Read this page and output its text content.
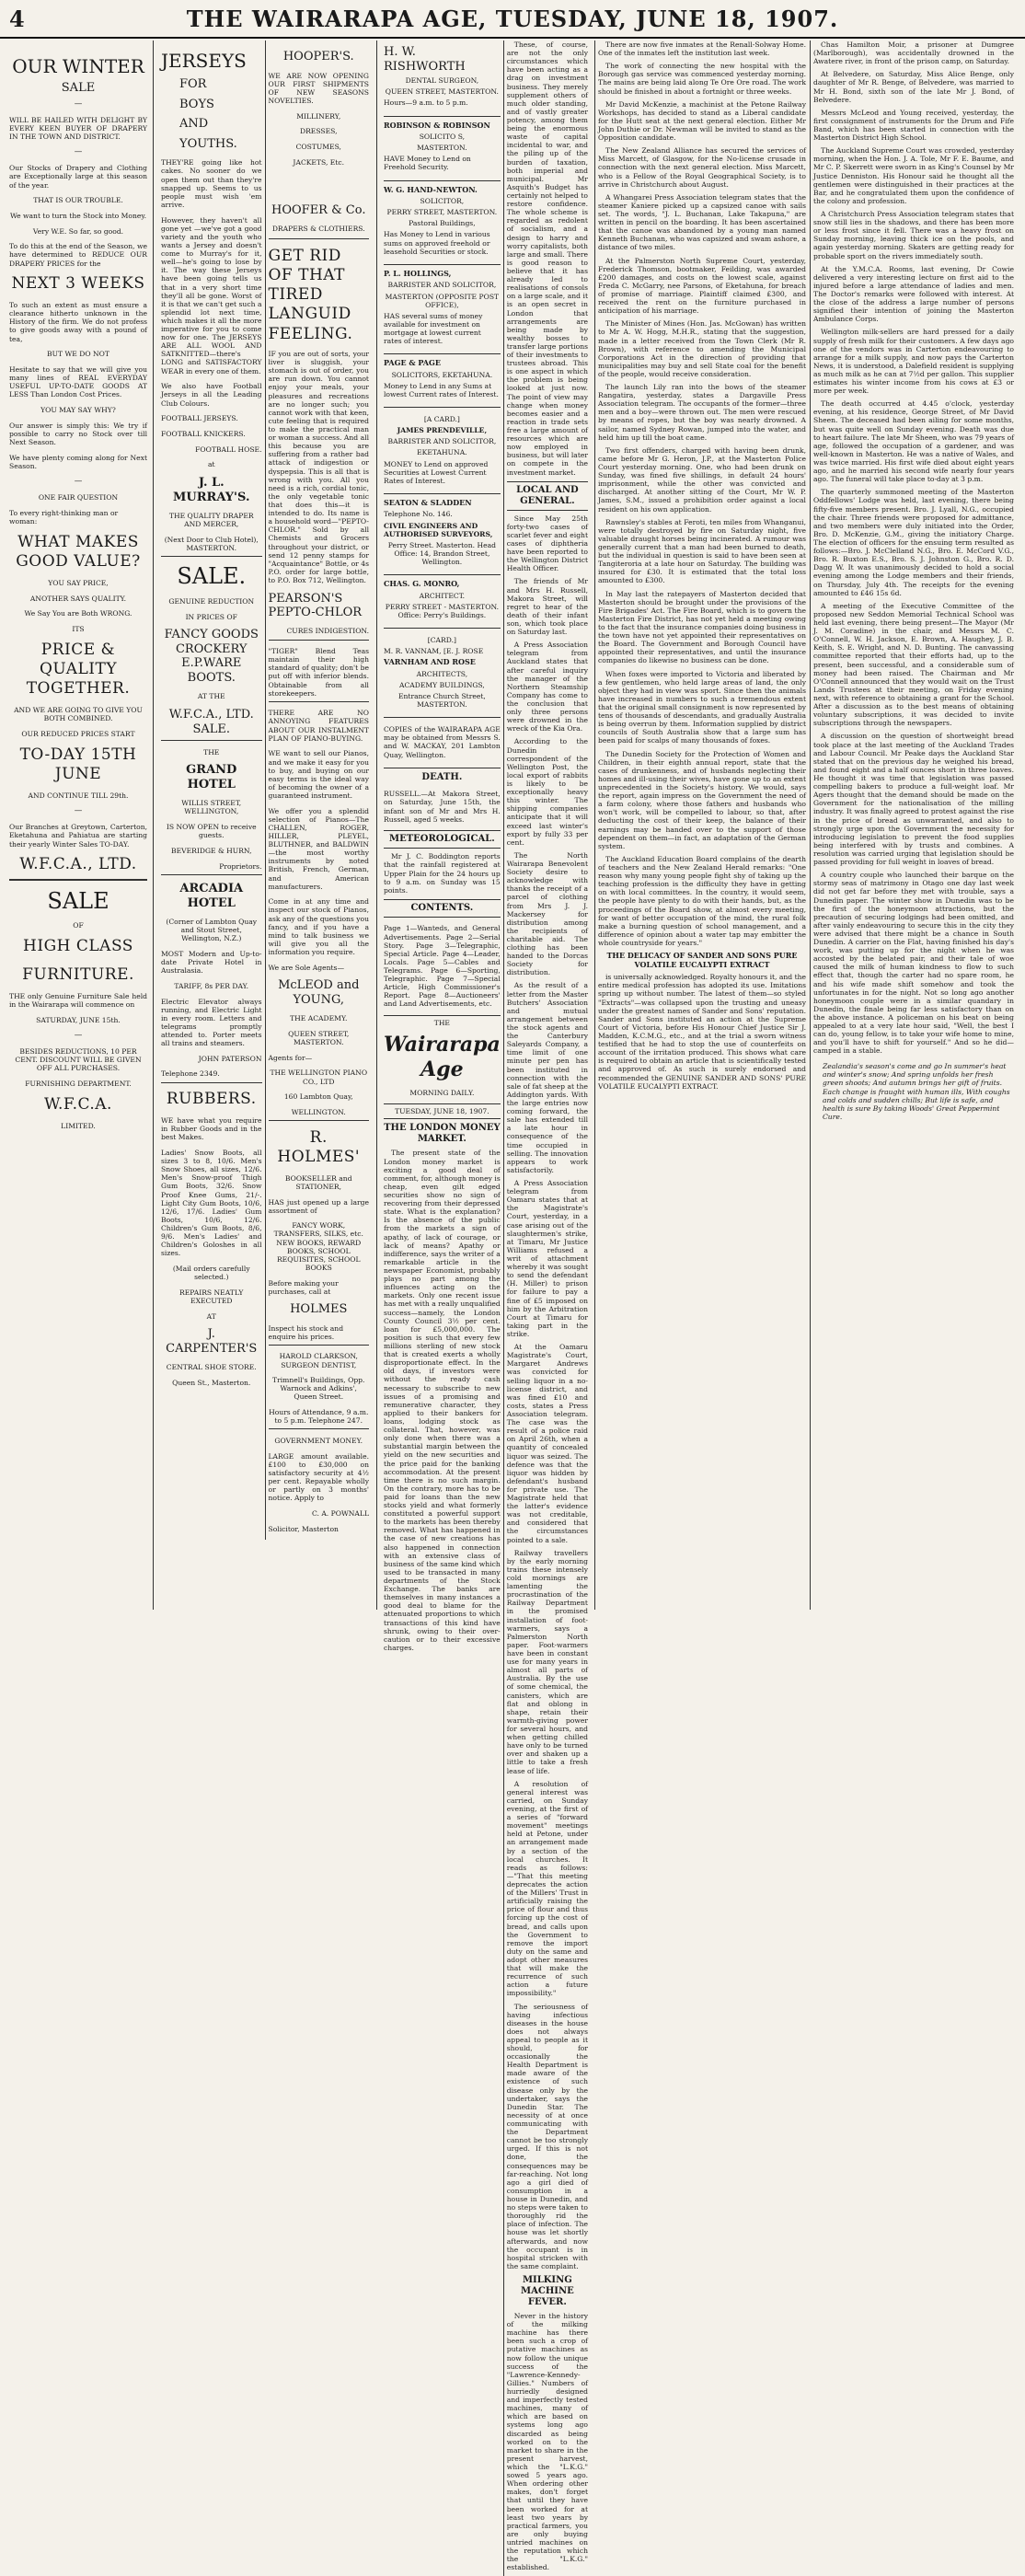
4	THE WAIRARAPA AGE, TUESDAY, JUNE 18, 1907.
OUR WINTER
SALE
—

WILL BE HAILED WITH DELIGHT BY EVERY KEEN BUYER OF DRAPERY IN THE TOWN AND DISTRICT.

—

Our Stocks of Drapery and Clothing are Exceptionally large at this season of the year.

THAT IS OUR TROUBLE.

We want to turn the Stock into Money.

Very W.E. So far, so good.

To do this at the end of the Season, we have determined to REDUCE OUR DRAPERY PRICES for the

NEXT 3 WEEKS

To such an extent as must ensure a clearance hitherto unknown in the History of the firm. We do not profess to give goods away with a pound of tea,

BUT WE DO NOT

Hesitate to say that we will give you many lines of REAL EVERYDAY USEFUL UP-TO-DATE GOODS AT LESS Than London Cost Prices.

YOU MAY SAY WHY?

Our answer is simply this: We try if possible to carry no Stock over till Next Season.

We have plenty coming along for Next Season.

—

ONE FAIR QUESTION

To every right-thinking man or woman:

WHAT MAKES GOOD VALUE?

YOU SAY PRICE,

ANOTHER SAYS QUALITY.

We Say You are Both WRONG.

ITS

PRICE & QUALITY TOGETHER.

AND WE ARE GOING TO GIVE YOU BOTH COMBINED.

OUR REDUCED PRICES START

TO-DAY 15TH JUNE

AND CONTINUE TILL 29th.

—

Our Branches at Greytown, Carterton, Eketahuna and Pahiatua are starting their yearly Winter Sales TO-DAY.

W.F.C.A., LTD.
SALE

OF

HIGH CLASS
FURNITURE.

THE only Genuine Furniture Sale held in the Wairarapa will commence on

SATURDAY, JUNE 15th.

—

BESIDES REDUCTIONS, 10 PER CENT. DISCOUNT WILL BE GIVEN OFF ALL PURCHASES.

FURNISHING DEPARTMENT.

W.F.C.A.

LIMITED.

JERSEYS
FOR
BOYS
AND
YOUTHS.

THEY'RE going like hot cakes. No sooner do we open them out than they're snapped up. Seems to us people must wish 'em arrive.

However, they haven't all gone yet —we've got a good variety and the youth who wants a Jersey and doesn't come to Murray's for it, well—he's going to lose by it. The way these Jerseys have been going tells us that in a very short time they'll all be gone. Worst of it is that we can't get such a splendid lot next time, which makes it all the more imperative for you to come now for one. The JERSEYS ARE ALL WOOL AND SATKNITTED—there's LONG and SATISFACTORY WEAR in every one of them.

We also have Football Jerseys in all the Leading Club Colours.

FOOTBALL JERSEYS.

FOOTBALL KNICKERS.

FOOTBALL HOSE.

at

J. L. MURRAY'S.

THE QUALITY DRAPER AND MERCER,

(Next Door to Club Hotel), MASTERTON.

SALE.

GENUINE REDUCTION

IN PRICES OF

FANCY GOODS
CROCKERY
E.P.WARE
BOOTS.

AT THE

W.F.C.A., LTD.
SALE.

THE

GRAND HOTEL

WILLIS STREET, WELLINGTON,

IS NOW OPEN to receive guests.

BEVERIDGE & HURN,

Proprietors.

ARCADIA HOTEL

(Corner of Lambton Quay and Stout Street, Wellington, N.Z.)

MOST Modern and Up-to-date Private Hotel in Australasia.

TARIFF, 8s PER DAY.

Electric Elevator always running, and Electric Light in every room. Letters and telegrams promptly attended to. Porter meets all trains and steamers.

JOHN PATERSON

Telephone 2349.

RUBBERS.

WE have what you require in Rubber Goods and in the best Makes.

Ladies' Snow Boots, all sizes 3 to 8, 10/6. Men's Snow Shoes, all sizes, 12/6. Men's Snow-proof Thigh Gum Boots, 32/6. Snow Proof Knee Gums, 21/-. Light City Gum Boots, 10/6, 12/6, 17/6. Ladies' Gum Boots, 10/6, 12/6. Children's Gum Boots, 8/6, 9/6. Men's Ladies' and Children's Goloshes in all sizes.

(Mail orders carefully selected.)

REPAIRS NEATLY EXECUTED

AT

J. CARPENTER'S

CENTRAL SHOE STORE.

Queen St., Masterton.

HOOPER'S.

WE ARE NOW OPENING OUR FIRST SHIPMENTS OF NEW SEASONS NOVELTIES.

MILLINERY,

DRESSES,

COSTUMES,

JACKETS, Etc.

HOOFER & Co.

DRAPERS & CLOTHIERS.

GET RID OF THAT TIRED LANGUID FEELING.

IF you are out of sorts, your liver is sluggish, your stomach is out of order, you are run down. You cannot enjoy your meals, your pleasures and recreations are no longer such; you cannot work with that keen, cute feeling that is required to make the practical man or woman a success. And all this because you are suffering from a rather bad attack of indigestion or dyspepsia. This is all that is wrong with you. All you need is a rich, cordial tonic, the only vegetable tonic that does this—it is intended to do. Its name is a household word—"PEPTO-CHLOR." Sold by all Chemists and Grocers throughout your district, or send 12 penny stamps for "Acquaintance" Bottle, or 4s P.O. order for large bottle, to P.O. Box 712, Wellington.

PEARSON'S
PEPTO-CHLOR

CURES INDIGESTION.

"TIGER" Blend Teas maintain their high standard of quality; don't be put off with inferior blends. Obtainable from all storekeepers.

THERE ARE NO ANNOYING FEATURES ABOUT OUR INSTALMENT PLAN OF PIANO-BUYING.

WE want to sell our Pianos, and we make it easy for you to buy, and buying on our easy terms is the ideal way of becoming the owner of a guaranteed instrument.

We offer you a splendid selection of Pianos—The CHALLEN, ROGER, HILLER, PLEYEL, BLUTHNER, and BALDWIN—the most worthy instruments by noted British, French, German, and American manufacturers.

Come in at any time and inspect our stock of Pianos, ask any of the questions you fancy, and if you have a mind to talk business we will give you all the information you require.

We are Sole Agents—

McLEOD and YOUNG,

THE ACADEMY.

QUEEN STREET, MASTERTON.

Agents for—

THE WELLINGTON PIANO CO., LTD

160 Lambton Quay,

WELLINGTON.

R. HOLMES'

BOOKSELLER and STATIONER,

HAS just opened up a large assortment of

FANCY WORK, TRANSFERS, SILKS, etc. NEW BOOKS, REWARD BOOKS, SCHOOL REQUISITES, SCHOOL BOOKS

Before making your purchases, call at

HOLMES

Inspect his stock and enquire his prices.

HAROLD CLARKSON, SURGEON DENTIST,

Trimnell's Buildings, Opp. Warnock and Adkins', Queen Street.

Hours of Attendance, 9 a.m. to 5 p.m. Telephone 247.

GOVERNMENT MONEY.

LARGE amount available. £100 to £30,000 on satisfactory security at 4½ per cent. Repayable wholly or partly on 3 months' notice. Apply to

C. A. POWNALL

Solicitor, Masterton

H. W. RISHWORTH

DENTAL SURGEON,

QUEEN STREET, MASTERTON.

Hours—9 a.m. to 5 p.m.

ROBINSON & ROBINSON

SOLICITO S,

MASTERTON.

HAVE Money to Lend on Freehold Security.

W. G. HAND-NEWTON.

SOLICITOR,

PERRY STREET, MASTERTON.

Pastoral Buildings,

Has Money to Lend in various sums on approved freehold or leasehold Securities or stock.

P. L. HOLLINGS,

BARRISTER AND SOLICITOR,

MASTERTON (OPPOSITE POST OFFICE),

HAS several sums of money available for investment on mortgage at lowest current rates of interest.

PAGE & PAGE

SOLICITORS, EKETAHUNA.

Money to Lend in any Sums at lowest Current rates of Interest.

[A CARD.]

JAMES PRENDEVILLE,

BARRISTER AND SOLICITOR,

EKETAHUNA.

MONEY to Lend on approved Securities at Lowest Current Rates of Interest.

SEATON & SLADDEN

Telephone No. 146.

CIVIL ENGINEERS AND AUTHORISED SURVEYORS,

Perry Street. Masterton. Head Office: 14, Brandon Street, Wellington.

CHAS. G. MONRO,

ARCHITECT.

PERRY STREET - MASTERTON. Office: Perry's Buildings.

[CARD.]

M. R. VANNAM, [E. J. ROSE

VARNHAM AND ROSE

ARCHITECTS,

ACADEMY BUILDINGS,

Entrance Church Street, MASTERTON.

COPIES of the WAIRARAPA AGE may be obtained from Messrs S. and W. MACKAY, 201 Lambton Quay, Wellington.

DEATH.

RUSSELL.—At Makora Street, on Saturday, June 15th, the infant son of Mr and Mrs H. Russell, aged 5 weeks.

METEOROLOGICAL.

Mr J. C. Boddington reports that the rainfall registered at Upper Plain for the 24 hours up to 9 a.m. on Sunday was 15 points.

CONTENTS.

Page 1—Wanteds, and General Advertisements. Page 2—Serial Story. Page 3—Telegraphic, Special Article. Page 4—Leader, Locals. Page 5—Cables and Telegrams. Page 6—Sporting, Telegraphic. Page 7—Special Article, High Commissioner's Report. Page 8—Auctioneers' and Land Advertisements, etc.

THE
Wairarapa Age

MORNING DAILY.

TUESDAY, JUNE 18, 1907.

THE LONDON MONEY MARKET.

The present state of the London money market is exciting a good deal of comment, for, although money is cheap, even gilt edged securities show no sign of recovering from their depressed state. What is the explanation? Is the absence of the public from the markets a sign of apathy, of lack of courage, or lack of means? Apathy or indifference, says the writer of a remarkable article in the newspaper Economist, probably plays no part among the influences acting on the markets. Only one recent issue has met with a really unqualified success—namely, the London County Council 3½ per cent. loan for £5,000,000. The position is such that every few millions sterling of new stock that is created exerts a wholly disproportionate effect. In the old days, if investors were without the ready cash necessary to subscribe to new issues of a promising and remunerative character, they applied to their bankers for loans, lodging stock as collateral. That, however, was only done when there was a substantial margin between the yield on the new securities and the price paid for the banking accommodation. At the present time there is no such margin. On the contrary, more has to be paid for loans than the new stocks yield and what formerly constituted a powerful support to the markets has been thereby removed. What has happened in the case of new creations has also happened in connection with an extensive class of business of the same kind which used to be transacted in many departments of the Stock Exchange. The banks are themselves in many instances a good deal to blame for the attenuated proportions to which transactions of this kind have shrunk, owing to their over-caution or to their excessive charges.

These, of course, are not the only circumstances which have been acting as a drag on investment business. They merely supplement others of much older standing, and of vastly greater potency, among them being the enormous waste of capital incidental to war, and the piling up of the burden of taxation, both imperial and municipal. Mr Asquith's Budget has certainly not helped to restore confidence. The whole scheme is regarded as redolent of socialism, and a design to harry and worry capitalists, both large and small. There is good reason to believe that it has already led to realisations of consols on a large scale, and it is an open secret in London that arrangements are being made by wealthy bosses to transfer large portions of their investments to trustees abroad. This is one aspect in which the problem is being looked at just now. The point of view may change when money becomes easier and a reaction in trade sets free a large amount of resources which are now employed in business, but will later on compete in the investment market.

LOCAL AND GENERAL.

Since May 25th forty-two cases of scarlet fever and eight cases of diphtheria have been reported to the Wellington District Health Officer.

The friends of Mr and Mrs H. Russell, Makora Street, will regret to hear of the death of their infant son, which took place on Saturday last.

A Press Association telegram from Auckland states that after careful inquiry the manager of the Northern Steamship Company has come to the conclusion that only three persons were drowned in the wreck of the Kia Ora.

According to the Dunedin correspondent of the Wellington Post, the local export of rabbits is likely to be exceptionally heavy this winter. The shipping companies anticipate that it will exceed last winter's export by fully 33 per cent.

The North Wairarapa Benevolent Society desire to acknowledge with thanks the receipt of a parcel of clothing from Mrs J. J. Mackersey for distribution among the recipients of charitable aid. The clothing has been handed to the Dorcas Society for distribution.

As the result of a letter from the Master Butchers' Association and mutual arrangement between the stock agents and the Canterbury Saleyards Company, a time limit of one minute per pen has been instituted in connection with the sale of fat sheep at the Addington yards. With the large entries now coming forward, the sale has extended till a late hour in consequence of the time occupied in selling. The innovation appears to work satisfactorily.

A Press Association telegram from Oamaru states that at the Magistrate's Court, yesterday, in a case arising out of the slaughtermen's strike, at Timaru, Mr Justice Williams refused a writ of attachment whereby it was sought to send the defendant (H. Miller) to prison for failure to pay a fine of £5 imposed on him by the Arbitration Court at Timaru for taking part in the strike.

At the Oamaru Magistrate's Court, Margaret Andrews was convicted for selling liquor in a no-license district, and was fined £10 and costs, states a Press Association telegram. The case was the result of a police raid on April 26th, when a quantity of concealed liquor was seized. The defence was that the liquor was hidden by defendant's husband for private use. The Magistrate held that the latter's evidence was not creditable, and considered that the circumstances pointed to a sale.

Railway travellers by the early morning trains these intensely cold mornings are lamenting the procrastination of the Railway Department in the promised installation of foot-warmers, says a Palmerston North paper. Foot-warmers have been in constant use for many years in almost all parts of Australia. By the use of some chemical, the canisters, which are flat and oblong in shape, retain their warmth-giving power for several hours, and when getting chilled have only to be turned over and shaken up a little to take a fresh lease of life.

A resolution of general interest was carried, on Sunday evening, at the first of a series of "forward movement" meetings held at Petone, under an arrangement made by a section of the local churches. It reads as follows:—"That this meeting deprecates the action of the Millers' Trust in artificially raising the price of flour and thus forcing up the cost of bread, and calls upon the Government to remove the import duty on the same and adopt other measures that will make the recurrence of such action a future impossibility."

The seriousness of having infectious diseases in the house does not always appeal to people as it should, for occasionally the Health Department is made aware of the existence of such disease only by the undertaker, says the Dunedin Star. The necessity of at once communicating with the Department cannot be too strongly urged. If this is not done, the consequences may be far-reaching. Not long ago a girl died of consumption in a house in Dunedin, and no steps were taken to thoroughly rid the place of infection. The house was let shortly afterwards, and now the occupant is in hospital stricken with the same complaint.

MILKING MACHINE FEVER.

Never in the history of the milking machine has there been such a crop of putative machines as now follow the unique success of the "Lawrence-Kennedy-Gillies." Numbers of hurriedly designed and imperfectly tested machines, many of which are based on systems long ago discarded as being worked on to the market to share in the present harvest, which the "L.K.G." sowed 5 years ago. When ordering other makes, don't forget that until they have been worked for at least two years by practical farmers, you are only buying untried machines on the reputation which the "L.K.G." established.

There are now five inmates at the Renall-Solway Home. One of the inmates left the institution last week.

The work of connecting the new hospital with the Borough gas service was commenced yesterday morning. The mains are being laid along Te Ore Ore road. The work should be finished in about a fortnight or three weeks.

Mr David McKenzie, a machinist at the Petone Railway Workshops, has decided to stand as a Liberal candidate for the Hutt seat at the next general election. Either Mr John Duthie or Dr. Newman will be invited to stand as the Opposition candidate.

The New Zealand Alliance has secured the services of Miss Marcett, of Glasgow, for the No-license crusade in connection with the next general election. Miss Marcett, who is a Fellow of the Royal Geographical Society, is to arrive in Christchurch about August.

A Whangarei Press Association telegram states that the steamer Kaniere picked up a capsized canoe with sails set. The words, "J. L. Buchanan, Lake Takapuna," are written in pencil on the boarding. It has been ascertained that the canoe was abandoned by a young man named Kenneth Buchanan, who was capsized and swam ashore, a distance of two miles.

At the Palmerston North Supreme Court, yesterday, Frederick Thomson, bootmaker, Feilding, was awarded £200 damages, and costs on the lowest scale, against Freda C. McGarry, nee Parsons, of Eketahuna, for breach of promise of marriage. Plaintiff claimed £300, and received the rent on the furniture purchased in anticipation of his marriage.

The Minister of Mines (Hon. Jas. McGowan) has written to Mr A. W. Hogg, M.H.R., stating that the suggestion, made in a letter received from the Town Clerk (Mr R. Brown), with reference to amending the Municipal Corporations Act in the direction of providing that municipalities may buy and sell State coal for the benefit of the people, would receive consideration.

The launch Lily ran into the bows of the steamer Rangatira, yesterday, states a Dargaville Press Association telegram. The occupants of the former—three men and a boy—were thrown out. The men were rescued by means of ropes, but the boy was nearly drowned. A sailor, named Sydney Rowan, jumped into the water, and held him up till the boat came.

Two first offenders, charged with having been drunk, came before Mr G. Heron, J.P., at the Masterton Police Court yesterday morning. One, who had been drunk on Sunday, was fined five shillings, in default 24 hours' imprisonment, while the other was convicted and discharged. At another sitting of the Court, Mr W. P. James, S.M., issued a prohibition order against a local resident on his own application.

Rawnsley's stables at Feroti, ten miles from Whanganui, were totally destroyed by fire on Saturday night, five valuable draught horses being incinerated. A rumour was generally current that a man had been burned to death, but the individual in question is said to have been seen at Tangiteroria at a late hour on Saturday. The building was insured for £30. It is estimated that the total loss amounted to £300.

In May last the ratepayers of Masterton decided that Masterton should be brought under the provisions of the Fire Brigades' Act. The Fire Board, which is to govern the Masterton Fire District, has not yet held a meeting owing to the fact that the insurance companies doing business in the town have not yet appointed their representatives on the Board. The Government and Borough Council have appointed their representatives, and until the insurance companies do likewise no business can be done.

When foxes were imported to Victoria and liberated by a few gentlemen, who held large areas of land, the only object they had in view was sport. Since then the animals have increased in numbers to such a tremendous extent that the original small consignment is now represented by tens of thousands of descendants, and gradually Australia is being overrun by them. Information supplied by district councils of South Australia show that a large sum has been paid for scalps of many thousands of foxes.

The Dunedin Society for the Protection of Women and Children, in their eighth annual report, state that the cases of drunkenness, and of husbands neglecting their homes and ill-using their wives, have gone up to an extent unprecedented in the Society's history. We would, says the report, again impress on the Government the need of a farm colony, where those fathers and husbands who won't work, will be compelled to labour, so that, after deducting the cost of their keep, the balance of their earnings may be handed over to the support of those dependent on them—in fact, an adaptation of the German system.

The Auckland Education Board complains of the dearth of teachers and the New Zealand Herald remarks: "One reason why many young people fight shy of taking up the teaching profession is the difficulty they have in getting on with local committees. In the country, it would seem, the people have plenty to do with their hands, but, as the proceedings of the Board show, at almost every meeting, for want of better occupation of the mind, the rural folk make a burning question of school management, and a difference of opinion about a water tap may embitter the whole countryside for years."

THE DELICACY OF SANDER AND SONS PURE VOLATILE EUCALYPTI EXTRACT

is universally acknowledged. Royalty honours it, and the entire medical profession has adopted its use. Imitations spring up without number. The latest of them—so styled "Extracts"—was collapsed upon the trusting and uneasy under the greatest names of Sander and Sons' reputation. Sander and Sons instituted an action at the Supreme Court of Victoria, before His Honour Chief Justice Sir J. Madden, K.C.M.G., etc., and at the trial a sworn witness testified that he had to stop the use of counterfeits on account of the irritation produced. This shows what care is required to obtain an article that is scientifically tested and approved of. As such is surely endorsed and recommended the GENUINE SANDER AND SONS' PURE VOLATILE EUCALYPTI EXTRACT.

Chas Hamilton Moir, a prisoner at Dumgree (Marlborough), was accidentally drowned in the Awatere river, in front of the prison camp, on Saturday.

At Belvedere, on Saturday, Miss Alice Benge, only daughter of Mr R. Benge, of Belvedere, was married to Mr H. Bond, sixth son of the late Mr J. Bond, of Belvedere.

Messrs McLeod and Young received, yesterday, the first consignment of instruments for the Drum and Fife Band, which has been started in connection with the Masterton District High School.

The Auckland Supreme Court was crowded, yesterday morning, when the Hon. J. A. Tole, Mr F. E. Baume, and Mr C. P. Skerrett were sworn in as King's Counsel by Mr Justice Denniston. His Honour said he thought all the gentlemen were distinguished in their practices at the Bar, and he congratulated them upon the confidence of the colony and profession.

A Christchurch Press Association telegram states that snow still lies in the shadows, and there has been more or less frost since it fell. There was a heavy frost on Sunday morning, leaving thick ice on the pools, and again yesterday morning. Skaters are getting ready for probable sport on the rivers immediately south.

At the Y.M.C.A. Rooms, last evening, Dr Cowie delivered a very interesting lecture on first aid to the injured before a large attendance of ladies and men. The Doctor's remarks were followed with interest. At the close of the address a large number of persons signified their intention of joining the Masterton Ambulance Corps.

Wellington milk-sellers are hard pressed for a daily supply of fresh milk for their customers. A few days ago one of the vendors was in Carterton endeavouring to arrange for a milk supply, and now pays the Carterton News, it is understood, a Dalefield resident is supplying as much milk as he can at 7½d per gallon. This supplier estimates his winter income from his cows at £3 or more per week.

The death occurred at 4.45 o'clock, yesterday evening, at his residence, George Street, of Mr David Sheen. The deceased had been ailing for some months, but was quite well on Sunday evening. Death was due to heart failure. The late Mr Sheen, who was 79 years of age, followed the occupation of a gardener, and was well-known in Masterton. He was a native of Wales, and was twice married. His first wife died about eight years ago, and he married his second wife nearly four years ago. The funeral will take place to-day at 3 p.m.

The quarterly summoned meeting of the Masterton Oddfellows' Lodge was held, last evening, there being fifty-five members present. Bro. J. Lyall, N.G., occupied the chair. Three friends were proposed for admittance, and two members were duly initiated into the Order, Bro. D. McKenzie, G.M., giving the initiatory Charge. The election of officers for the ensuing term resulted as follows:—Bro. J. McClelland N.G., Bro. E. McCord V.G., Bro. R. Buxton E.S., Bro. S. J. Johnston G., Bro. R. D. Dagg W. It was unanimously decided to hold a social evening among the Lodge members and their friends, on Thursday, July 4th. The receipts for the evening amounted to £46 15s 6d.

A meeting of the Executive Committee of the proposed new Seddon Memorial Technical School was held last evening, there being present—The Mayor (Mr J. M. Coradine) in the chair, and Messrs M. C. O'Connell, W. H. Jackson, E. Brown, A. Haughey, J. B. Keith, S. E. Wright, and N. D. Bunting. The canvassing committee reported that their efforts had, up to the present, been successful, and a considerable sum of money had been raised. The Chairman and Mr O'Connell announced that they would wait on the Trust Lands Trustees at their meeting, on Friday evening next, with reference to obtaining a grant for the School. After a discussion as to the best means of obtaining voluntary subscriptions, it was decided to invite subscriptions through the newspapers.

A discussion on the question of shortweight bread took place at the last meeting of the Auckland Trades and Labour Council. Mr Peake days the Auckland Star stated that on the previous day he weighed his bread, and found eight and a half ounces short in three loaves. He thought it was time that legislation was passed compelling bakers to produce a full-weight loaf. Mr Agers thought that the demand should be made on the Government for the nationalisation of the milling industry. It was finally agreed to protest against the rise in the price of bread as unwarranted, and also to strongly urge upon the Government the necessity for introducing legislation to prevent the food supplies being interfered with by trusts and combines. A resolution was carried urging that legislation should be passed providing for full weight in loaves of bread.

A country couple who launched their barque on the stormy seas of matrimony in Otago one day last week did not get far before they met with trouble, says a Dunedin paper. The winter show in Dunedin was to be the first of the honeymoon attractions, but the precaution of securing lodgings had been omitted, and after vainly endeavouring to secure this in the city they were advised that there might be a chance in South Dunedin. A carrier on the Flat, having finished his day's work, was putting up for the night when he was accosted by the belated pair, and their tale of woe caused the milk of human kindness to flow to such effect that, though the carter had no spare room, he and his wife made shift somehow and took the unfortunates in for the night. Not so long ago another honeymoon couple were in a similar quandary in Dunedin, the finale being far less satisfactory than on the above instance. A policeman on his beat on being appealed to at a very late hour said, "Well, the best I can do, young fellow, is to take your wife home to mine, and you'll have to shift for yourself." And so he did—camped in a stable.

Zealandia's season's come and go In summer's heat and winter's snow; And spring unfolds her fresh green shoots; And autumn brings her gift of fruits. Each change is fraught with human ills, With coughs and colds and sudden chills; But life is safe, and health is sure By taking Woods' Great Peppermint Cure.
